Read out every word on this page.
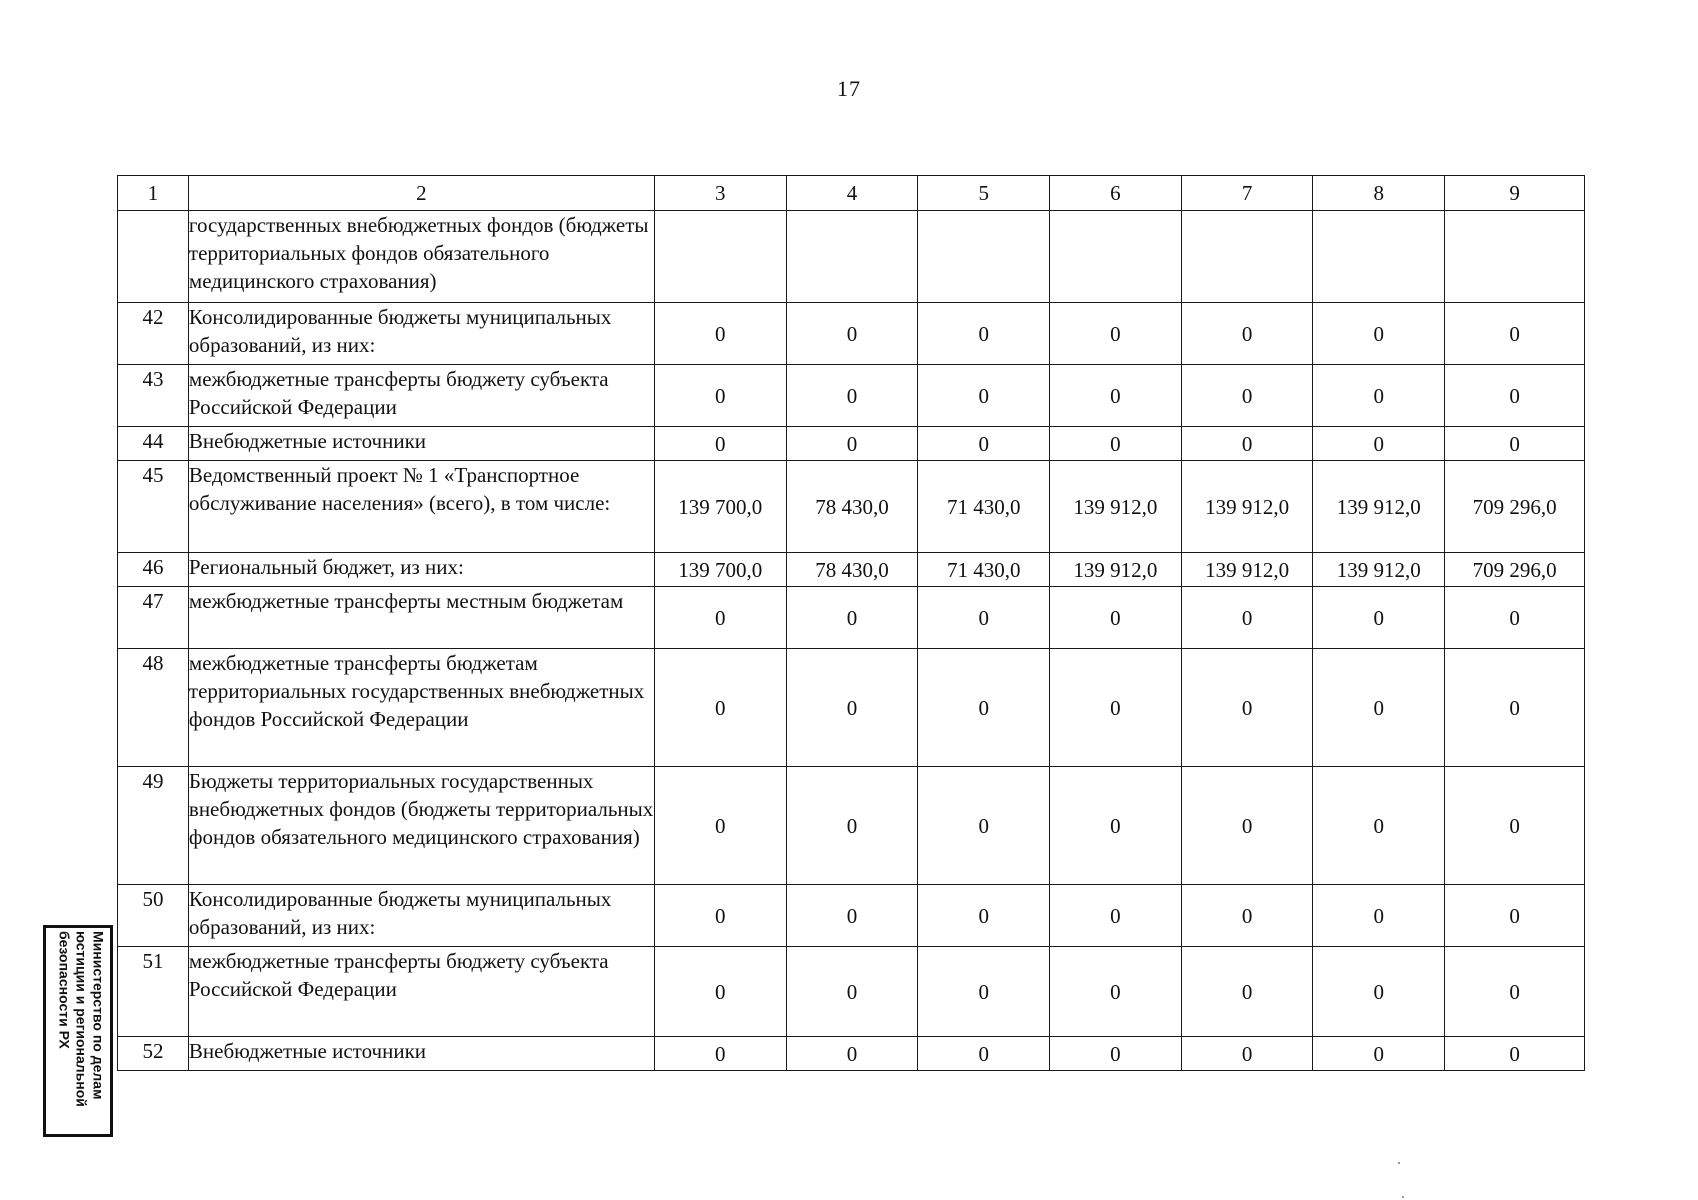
17
1	2	3	4	5	6	7	8	9
	государственных внебюджетных фондов (бюджеты территориальных фондов обязательного медицинского страхования)							
42	Консолидированные бюджеты муниципальных образований, из них:	0	0	0	0	0	0	0
43	межбюджетные трансферты бюджету субъекта Российской Федерации	0	0	0	0	0	0	0
44	Внебюджетные источники	0	0	0	0	0	0	0
45	Ведомственный проект № 1 «Транспортное обслуживание населения» (всего), в том числе:	139 700,0	78 430,0	71 430,0	139 912,0	139 912,0	139 912,0	709 296,0
46	Региональный бюджет, из них:	139 700,0	78 430,0	71 430,0	139 912,0	139 912,0	139 912,0	709 296,0
47	межбюджетные трансферты местным бюджетам	0	0	0	0	0	0	0
48	межбюджетные трансферты бюджетам территориальных государственных внебюджетных фондов Российской Федерации	0	0	0	0	0	0	0
49	Бюджеты территориальных государственных внебюджетных фондов (бюджеты территориальных фондов обязательного медицинского страхования)	0	0	0	0	0	0	0
50	Консолидированные бюджеты муниципальных образований, из них:	0	0	0	0	0	0	0
51	межбюджетные трансферты бюджету субъекта Российской Федерации	0	0	0	0	0	0	0
52	Внебюджетные источники	0	0	0	0	0	0	0
Министерство по делам
юстиции и региональной
безопасности РХ
